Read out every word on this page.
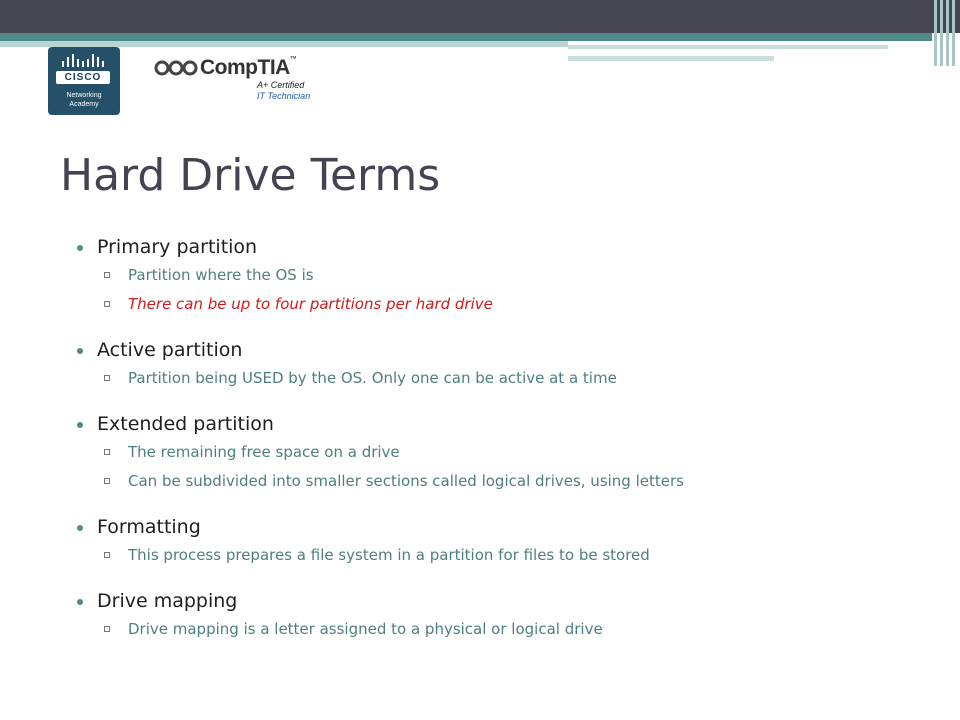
CISCO
Networking
Academy
CompTIA™
A+ Certified
IT Technician
Hard Drive Terms
Primary partition
Partition where the OS is
There can be up to four partitions per hard drive
Active partition
Partition being USED by the OS. Only one can be active at a time
Extended partition
The remaining free space on a drive
Can be subdivided into smaller sections called logical drives, using letters
Formatting
This process prepares a file system in a partition for files to be stored
Drive mapping
Drive mapping is a letter assigned to a physical or logical drive
